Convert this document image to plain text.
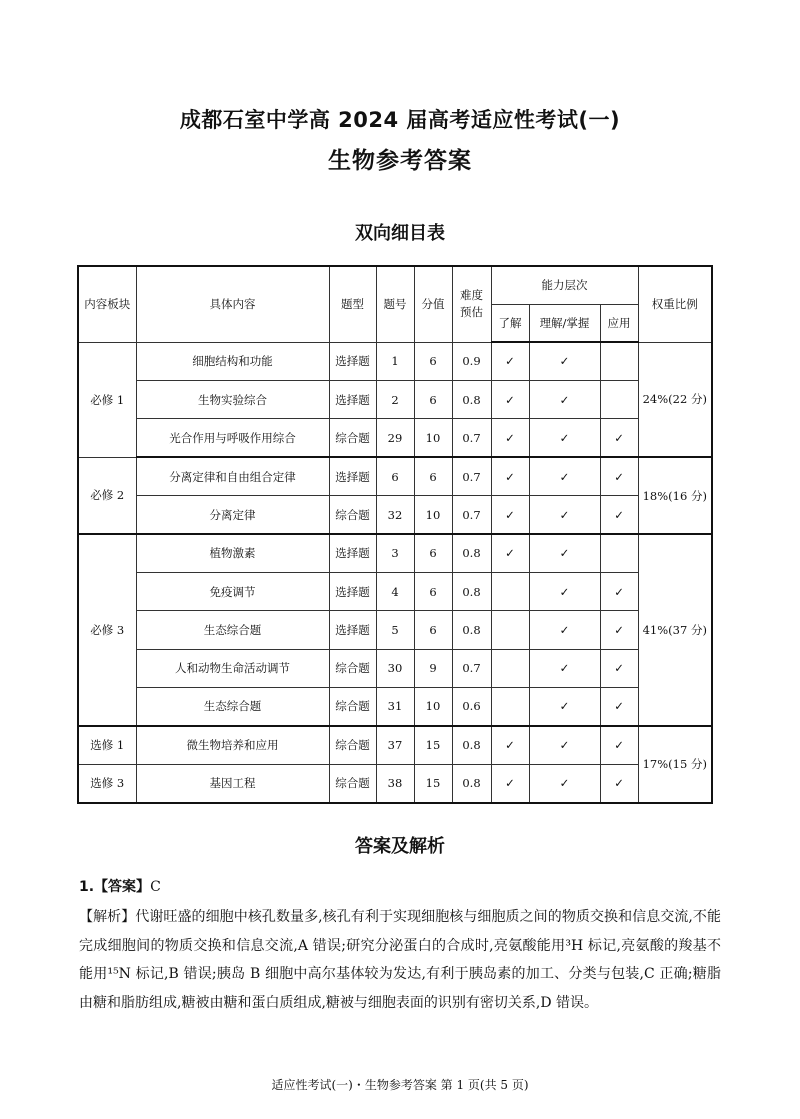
成都石室中学高 2024 届高考适应性考试(一)
生物参考答案
双向细目表
内容板块	具体内容	题型	题号	分值	难度预估	能力层次			权重比例
						了解	理解/掌握	应用	
必修 1	细胞结构和功能	选择题	1	6	0.9	✓	✓		24%(22 分)
	生物实验综合	选择题	2	6	0.8	✓	✓		
	光合作用与呼吸作用综合	综合题	29	10	0.7	✓	✓	✓	
必修 2	分离定律和自由组合定律	选择题	6	6	0.7	✓	✓	✓	18%(16 分)
	分离定律	综合题	32	10	0.7	✓	✓	✓	
必修 3	植物激素	选择题	3	6	0.8	✓	✓		41%(37 分)
	免疫调节	选择题	4	6	0.8		✓	✓	
	生态综合题	选择题	5	6	0.8		✓	✓	
	人和动物生命活动调节	综合题	30	9	0.7		✓	✓	
	生态综合题	综合题	31	10	0.6		✓	✓	
选修 1	微生物培养和应用	综合题	37	15	0.8	✓	✓	✓	17%(15 分)
选修 3	基因工程	综合题	38	15	0.8	✓	✓	✓	
答案及解析
1.【答案】C
【解析】代谢旺盛的细胞中核孔数量多,核孔有利于实现细胞核与细胞质之间的物质交换和信息交流,不能完成细胞间的物质交换和信息交流,A 错误;研究分泌蛋白的合成时,亮氨酸能用³H 标记,亮氨酸的羧基不能用¹⁵N 标记,B 错误;胰岛 B 细胞中高尔基体较为发达,有利于胰岛素的加工、分类与包装,C 正确;糖脂由糖和脂肪组成,糖被由糖和蛋白质组成,糖被与细胞表面的识别有密切关系,D 错误。
适应性考试(一)・生物参考答案 第 1 页(共 5 页)
